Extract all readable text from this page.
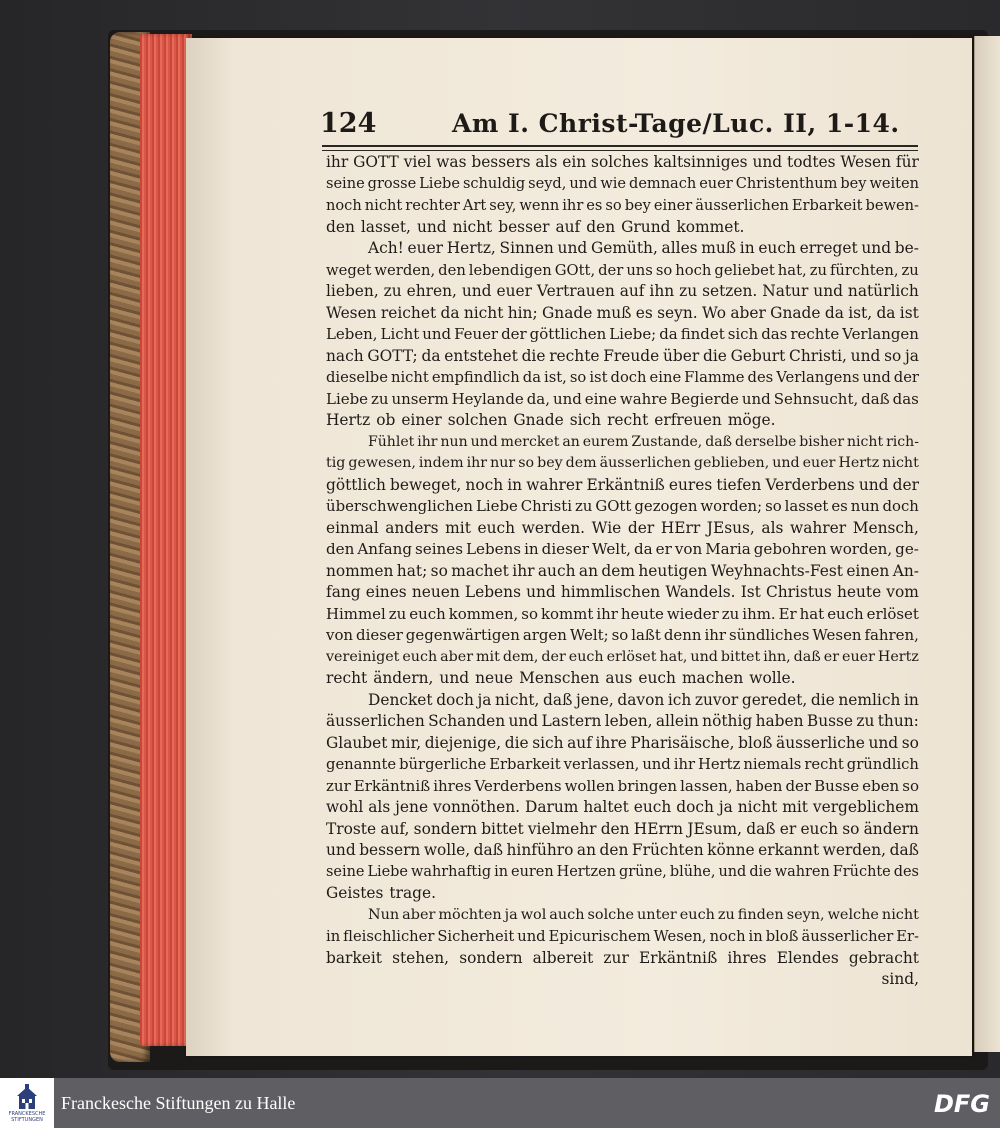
124	Am I. Christ-Tage/Luc. II, 1-14.
ihr GOTT viel was bessers als ein solches kaltsinniges und todtes Wesen für
seine grosse Liebe schuldig seyd, und wie demnach euer Christenthum bey weiten
noch nicht rechter Art sey, wenn ihr es so bey einer äusserlichen Erbarkeit bewen-
den lasset, und nicht besser auf den Grund kommet.
Ach! euer Hertz, Sinnen und Gemüth, alles muß in euch erreget und be-
weget werden, den lebendigen GOtt, der uns so hoch geliebet hat, zu fürchten, zu
lieben, zu ehren, und euer Vertrauen auf ihn zu setzen. Natur und natürlich
Wesen reichet da nicht hin; Gnade muß es seyn. Wo aber Gnade da ist, da ist
Leben, Licht und Feuer der göttlichen Liebe; da findet sich das rechte Verlangen
nach GOTT; da entstehet die rechte Freude über die Geburt Christi, und so ja
dieselbe nicht empfindlich da ist, so ist doch eine Flamme des Verlangens und der
Liebe zu unserm Heylande da, und eine wahre Begierde und Sehnsucht, daß das
Hertz ob einer solchen Gnade sich recht erfreuen möge.
Fühlet ihr nun und mercket an eurem Zustande, daß derselbe bisher nicht rich-
tig gewesen, indem ihr nur so bey dem äusserlichen geblieben, und euer Hertz nicht
göttlich beweget, noch in wahrer Erkäntniß eures tiefen Verderbens und der
überschwenglichen Liebe Christi zu GOtt gezogen worden; so lasset es nun doch
einmal anders mit euch werden. Wie der HErr JEsus, als wahrer Mensch,
den Anfang seines Lebens in dieser Welt, da er von Maria gebohren worden, ge-
nommen hat; so machet ihr auch an dem heutigen Weyhnachts-Fest einen An-
fang eines neuen Lebens und himmlischen Wandels. Ist Christus heute vom
Himmel zu euch kommen, so kommt ihr heute wieder zu ihm. Er hat euch erlöset
von dieser gegenwärtigen argen Welt; so laßt denn ihr sündliches Wesen fahren,
vereiniget euch aber mit dem, der euch erlöset hat, und bittet ihn, daß er euer Hertz
recht ändern, und neue Menschen aus euch machen wolle.
Dencket doch ja nicht, daß jene, davon ich zuvor geredet, die nemlich in
äusserlichen Schanden und Lastern leben, allein nöthig haben Busse zu thun:
Glaubet mir, diejenige, die sich auf ihre Pharisäische, bloß äusserliche und so
genannte bürgerliche Erbarkeit verlassen, und ihr Hertz niemals recht gründlich
zur Erkäntniß ihres Verderbens wollen bringen lassen, haben der Busse eben so
wohl als jene vonnöthen. Darum haltet euch doch ja nicht mit vergeblichem
Troste auf, sondern bittet vielmehr den HErrn JEsum, daß er euch so ändern
und bessern wolle, daß hinführo an den Früchten könne erkannt werden, daß
seine Liebe wahrhaftig in euren Hertzen grüne, blühe, und die wahren Früchte des
Geistes trage.
Nun aber möchten ja wol auch solche unter euch zu finden seyn, welche nicht
in fleischlicher Sicherheit und Epicurischem Wesen, noch in bloß äusserlicher Er-
barkeit stehen, sondern albereit zur Erkäntniß ihres Elendes gebracht
sind,
FRANCKESCHE
STIFTUNGEN
Franckesche Stiftungen zu Halle	DFG
